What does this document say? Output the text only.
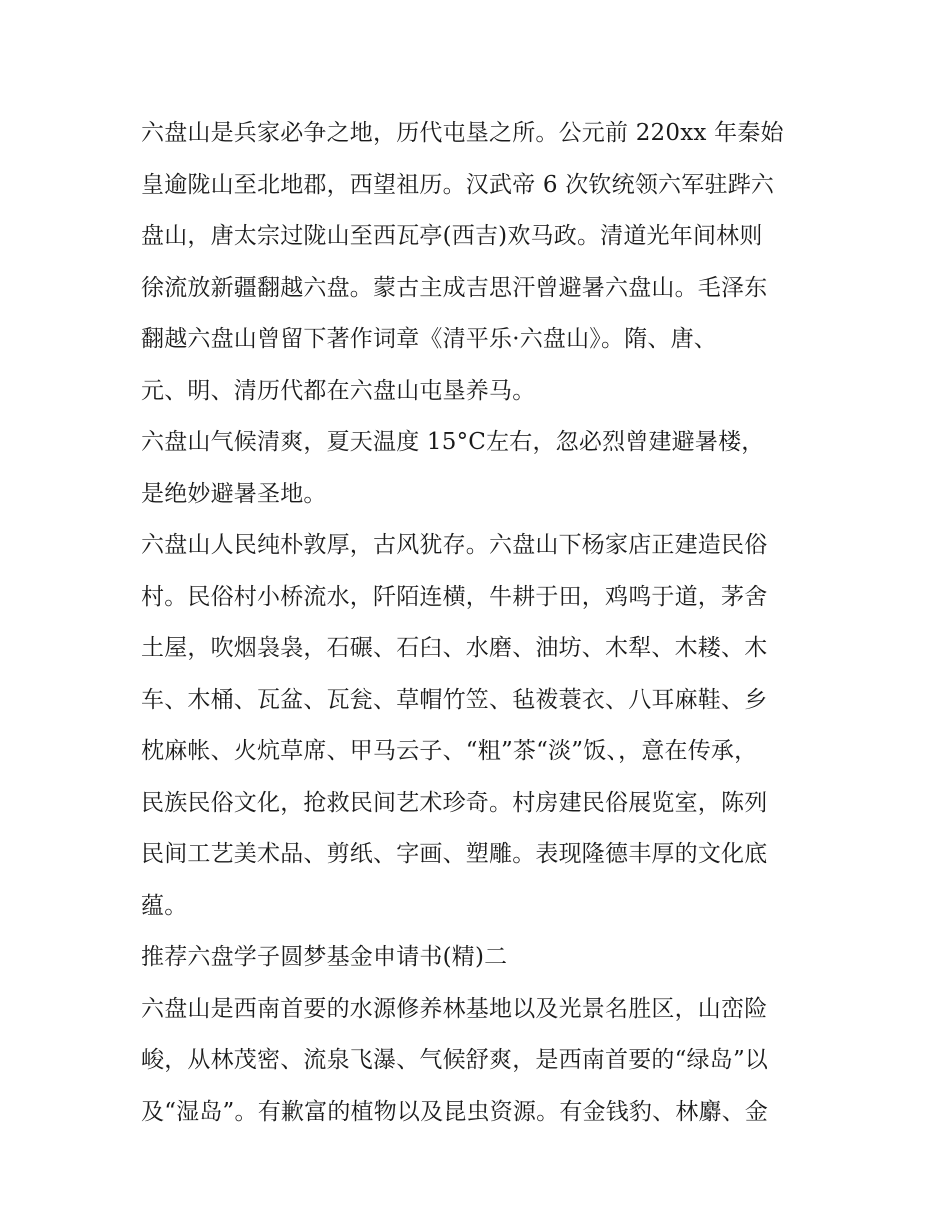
六盘山是兵家必争之地，历代屯垦之所。公元前 220xx 年秦始
皇逾陇山至北地郡，西望祖历。汉武帝 6 次钦统领六军驻跸六
盘山，唐太宗过陇山至西瓦亭(西吉)欢马政。清道光年间林则
徐流放新疆翻越六盘。蒙古主成吉思汗曾避暑六盘山。毛泽东
翻越六盘山曾留下著作词章《清平乐·六盘山》。隋、唐、
元、明、清历代都在六盘山屯垦养马。
六盘山气候清爽，夏天温度 15°C左右，忽必烈曾建避暑楼，
是绝妙避暑圣地。
六盘山人民纯朴敦厚，古风犹存。六盘山下杨家店正建造民俗
村。民俗村小桥流水，阡陌连横，牛耕于田，鸡鸣于道，茅舍
土屋，吹烟袅袅，石碾、石臼、水磨、油坊、木犁、木耧、木
车、木桶、瓦盆、瓦瓮、草帽竹笠、毡袯蓑衣、八耳麻鞋、乡
枕麻帐、火炕草席、甲马云子、“粗”茶“淡”饭、，意在传承，
民族民俗文化，抢救民间艺术珍奇。村房建民俗展览室，陈列
民间工艺美术品、剪纸、字画、塑雕。表现隆德丰厚的文化底
蕴。
推荐六盘学子圆梦基金申请书(精)二
六盘山是西南首要的水源修养林基地以及光景名胜区，山峦险
峻，从林茂密、流泉飞瀑、气候舒爽，是西南首要的“绿岛”以
及“湿岛”。有歉富的植物以及昆虫资源。有金钱豹、林麝、金
